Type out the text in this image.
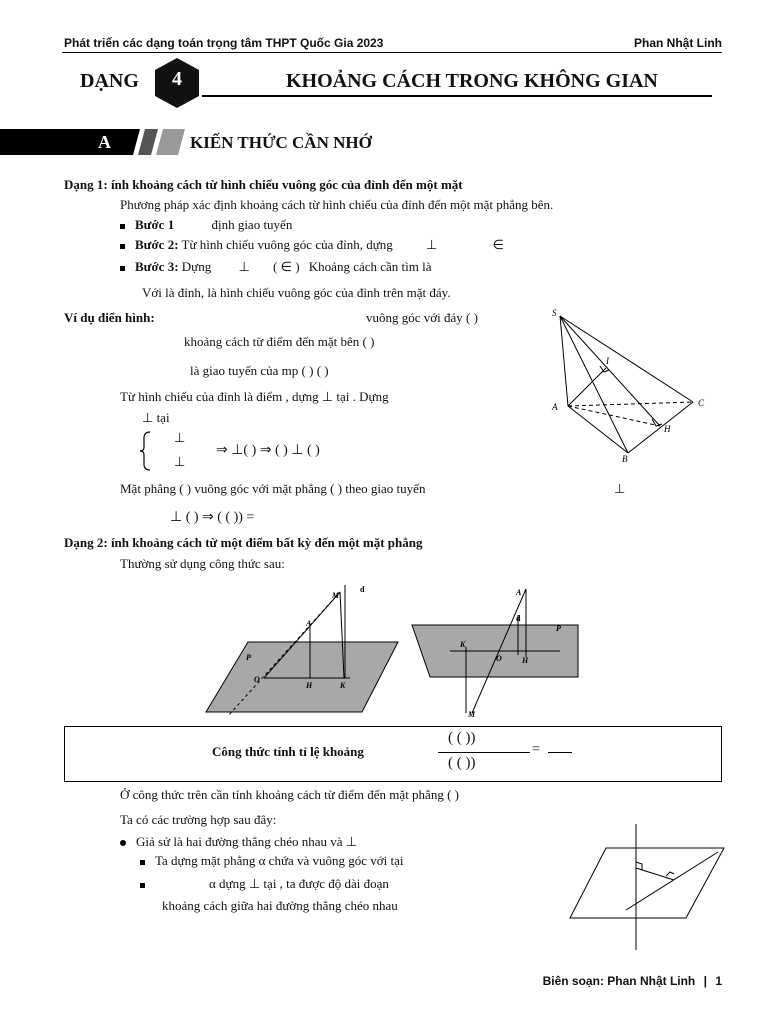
Phát triển các dạng toán trọng tâm THPT Quốc Gia 2023	Phan Nhật Linh
DẠNG	4	KHOẢNG CÁCH TRONG KHÔNG GIAN
A	KIẾN THỨC CẦN NHỚ
Dạng 1: ính khoảng cách từ hình chiếu vuông góc của đỉnh đến một mặt
Phương pháp xác định khoảng cách từ hình chiếu của đỉnh đến một mặt phẳng bên.
Bước 1	định giao tuyến
Bước 2: Từ hình chiếu vuông góc của đỉnh, dựng	⊥	∈
Bước 3: Dựng ⊥ ( ∈ ) Khoảng cách cần tìm là
Với là đỉnh, là hình chiếu vuông góc của đỉnh trên mặt đáy.
Ví dụ điển hình:	vuông góc với đáy ( )
khoảng cách từ điểm đến mặt bên ( )
là giao tuyến của mp ( ) ( )
Từ hình chiếu của đỉnh là điểm , dựng ⊥ tại . Dựng
⊥ tại
⊥
⊥
⇒ ⊥( ) ⇒ ( ) ⊥ ( )
Mặt phẳng ( ) vuông góc với mặt phẳng ( ) theo giao tuyến	⊥
⊥ ( ) ⇒ ( ( )) =
S
I
A	C
H
B
Dạng 2: ính khoảng cách từ một điểm bất kỳ đến một mặt phẳng
Thường sử dụng công thức sau:
M
d
A
P
O
H	K
A
d
K
P
O	H
M
Công thức tính tỉ lệ khoảng
( ( ))
( ( ))
=
Ở công thức trên cần tính khoảng cách từ điểm đến mặt phẳng ( )
Ta có các trường hợp sau đây:
Giả sử là hai đường thẳng chéo nhau và ⊥
Ta dựng mặt phẳng α chứa và vuông góc với tại
α dựng ⊥ tại , ta được độ dài đoạn
khoảng cách giữa hai đường thẳng chéo nhau
Biên soạn: Phan Nhật Linh | 1
